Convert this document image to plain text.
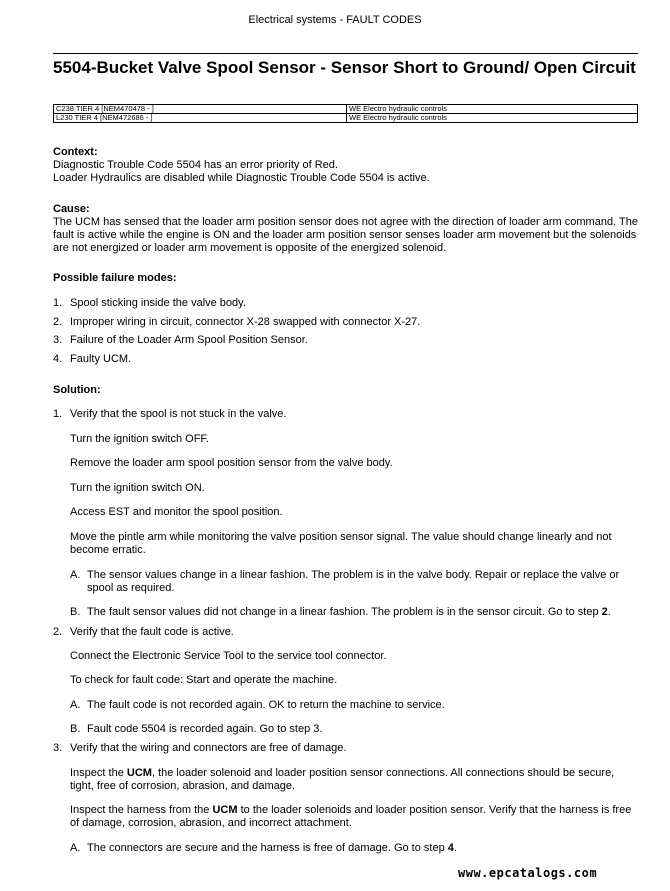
Electrical systems - FAULT CODES
5504-Bucket Valve Spool Sensor - Sensor Short to Ground/ Open Circuit
C238 TIER 4 [NEM470478 - ]	WE Electro hydraulic controls
L230 TIER 4 [NEM472686 - ]	WE Electro hydraulic controls
Context:
Diagnostic Trouble Code 5504 has an error priority of Red.
Loader Hydraulics are disabled while Diagnostic Trouble Code 5504 is active.
Cause:
The UCM has sensed that the loader arm position sensor does not agree with the direction of loader arm command. The fault is active while the engine is ON and the loader arm position sensor senses loader arm movement but the solenoids are not energized or loader arm movement is opposite of the energized solenoid.
Possible failure modes:
1. Spool sticking inside the valve body.
2. Improper wiring in circuit, connector X-28 swapped with connector X-27.
3. Failure of the Loader Arm Spool Position Sensor.
4. Faulty UCM.
Solution:
1. Verify that the spool is not stuck in the valve.
Turn the ignition switch OFF.
Remove the loader arm spool position sensor from the valve body.
Turn the ignition switch ON.
Access EST and monitor the spool position.
Move the pintle arm while monitoring the valve position sensor signal. The value should change linearly and not become erratic.
A. The sensor values change in a linear fashion. The problem is in the valve body. Repair or replace the valve or spool as required.
B. The fault sensor values did not change in a linear fashion. The problem is in the sensor circuit. Go to step 2.
2. Verify that the fault code is active.
Connect the Electronic Service Tool to the service tool connector.
To check for fault code: Start and operate the machine.
A. The fault code is not recorded again. OK to return the machine to service.
B. Fault code 5504 is recorded again. Go to step 3.
3. Verify that the wiring and connectors are free of damage.
Inspect the UCM, the loader solenoid and loader position sensor connections. All connections should be secure, tight, free of corrosion, abrasion, and damage.
Inspect the harness from the UCM to the loader solenoids and loader position sensor. Verify that the harness is free of damage, corrosion, abrasion, and incorrect attachment.
A. The connectors are secure and the harness is free of damage. Go to step 4.
www.epcatalogs.com
